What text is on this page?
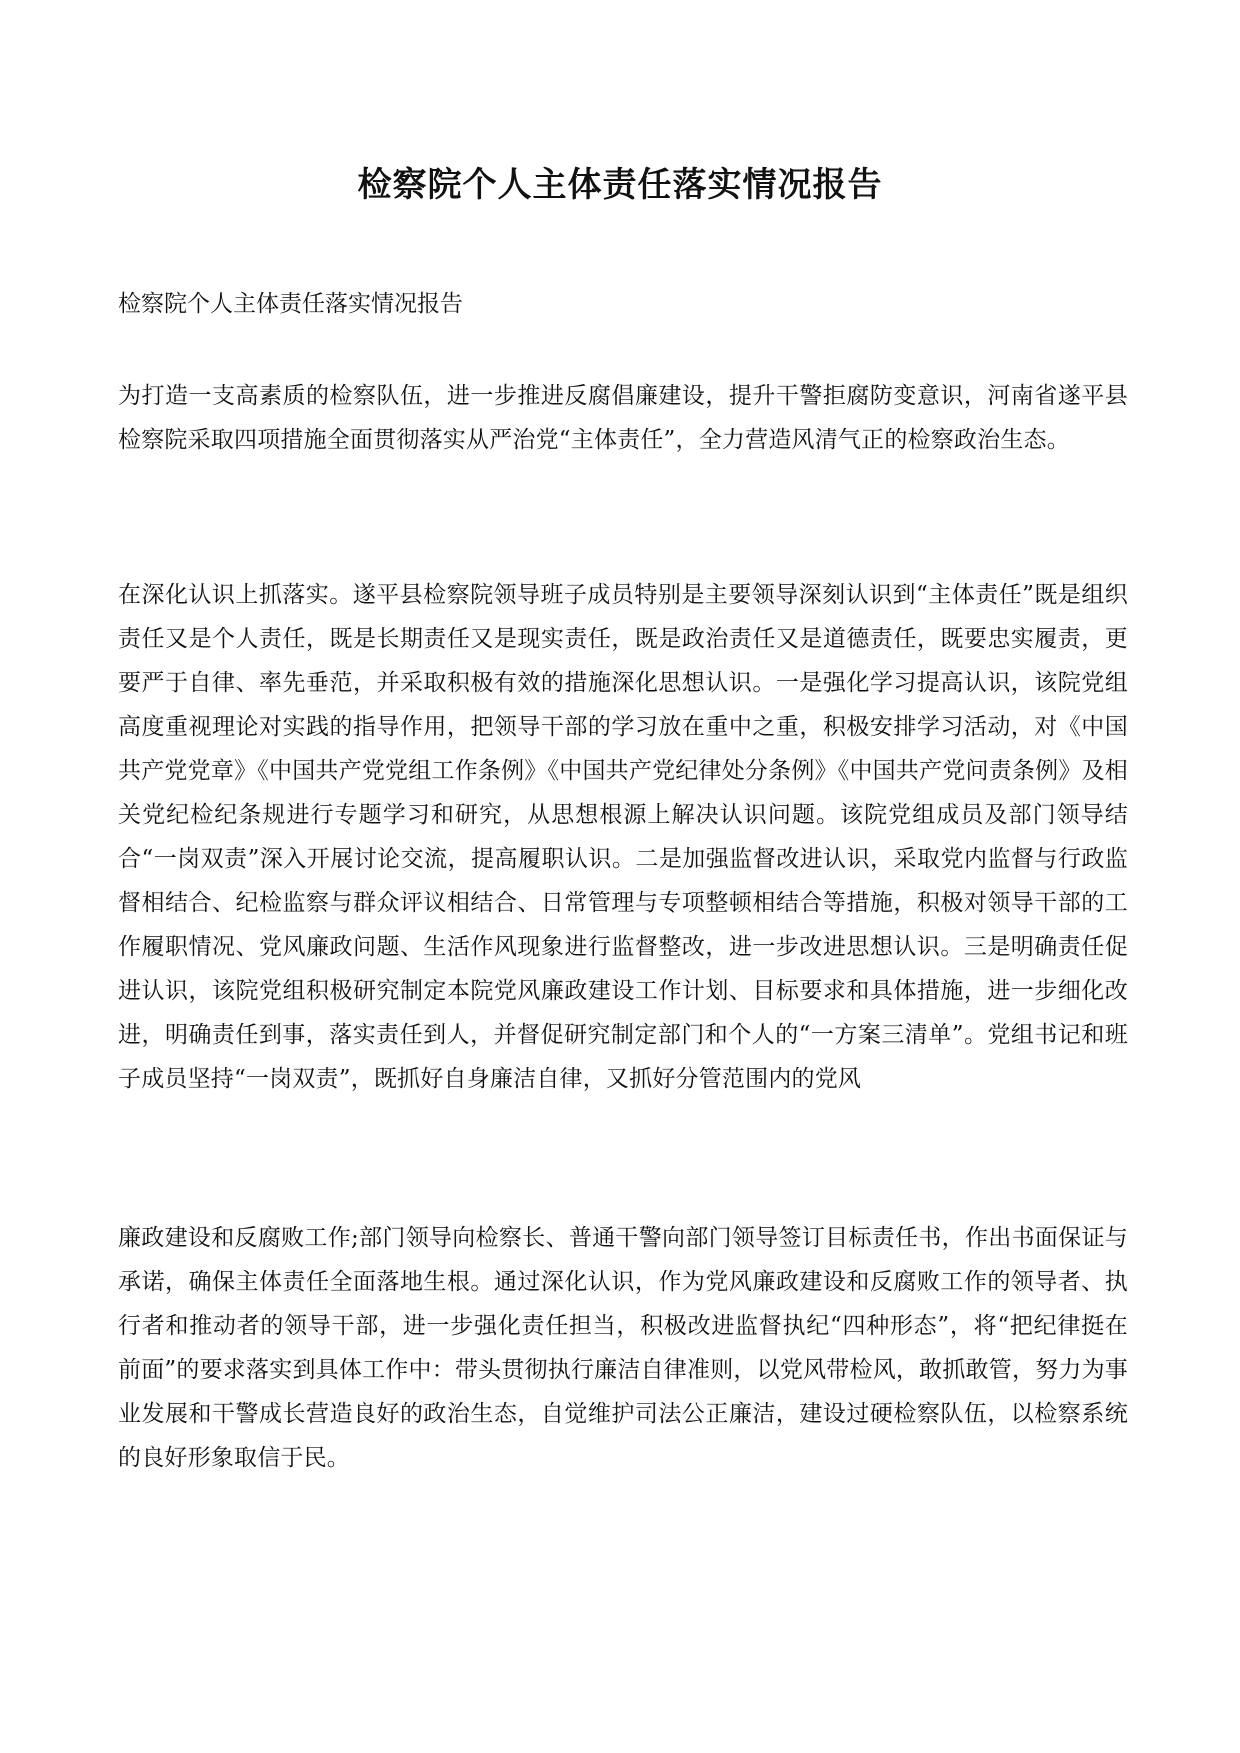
检察院个人主体责任落实情况报告

检察院个人主体责任落实情况报告

为打造一支高素质的检察队伍，进一步推进反腐倡廉建设，提升干警拒腐防变意识，河南省遂平县检察院采取四项措施全面贯彻落实从严治党“主体责任”，全力营造风清气正的检察政治生态。

在深化认识上抓落实。遂平县检察院领导班子成员特别是主要领导深刻认识到“主体责任”既是组织责任又是个人责任，既是长期责任又是现实责任，既是政治责任又是道德责任，既要忠实履责，更要严于自律、率先垂范，并采取积极有效的措施深化思想认识。一是强化学习提高认识，该院党组高度重视理论对实践的指导作用，把领导干部的学习放在重中之重，积极安排学习活动，对《中国共产党党章》《中国共产党党组工作条例》《中国共产党纪律处分条例》《中国共产党问责条例》及相关党纪检纪条规进行专题学习和研究，从思想根源上解决认识问题。该院党组成员及部门领导结合“一岗双责”深入开展讨论交流，提高履职认识。二是加强监督改进认识，采取党内监督与行政监督相结合、纪检监察与群众评议相结合、日常管理与专项整顿相结合等措施，积极对领导干部的工作履职情况、党风廉政问题、生活作风现象进行监督整改，进一步改进思想认识。三是明确责任促进认识，该院党组积极研究制定本院党风廉政建设工作计划、目标要求和具体措施，进一步细化改进，明确责任到事，落实责任到人，并督促研究制定部门和个人的“一方案三清单”。党组书记和班子成员坚持“一岗双责”，既抓好自身廉洁自律，又抓好分管范围内的党风

廉政建设和反腐败工作;部门领导向检察长、普通干警向部门领导签订目标责任书，作出书面保证与承诺，确保主体责任全面落地生根。通过深化认识，作为党风廉政建设和反腐败工作的领导者、执行者和推动者的领导干部，进一步强化责任担当，积极改进监督执纪“四种形态”，将“把纪律挺在前面”的要求落实到具体工作中：带头贯彻执行廉洁自律准则，以党风带检风，敢抓敢管，努力为事业发展和干警成长营造良好的政治生态，自觉维护司法公正廉洁，建设过硬检察队伍，以检察系统的良好形象取信于民。
